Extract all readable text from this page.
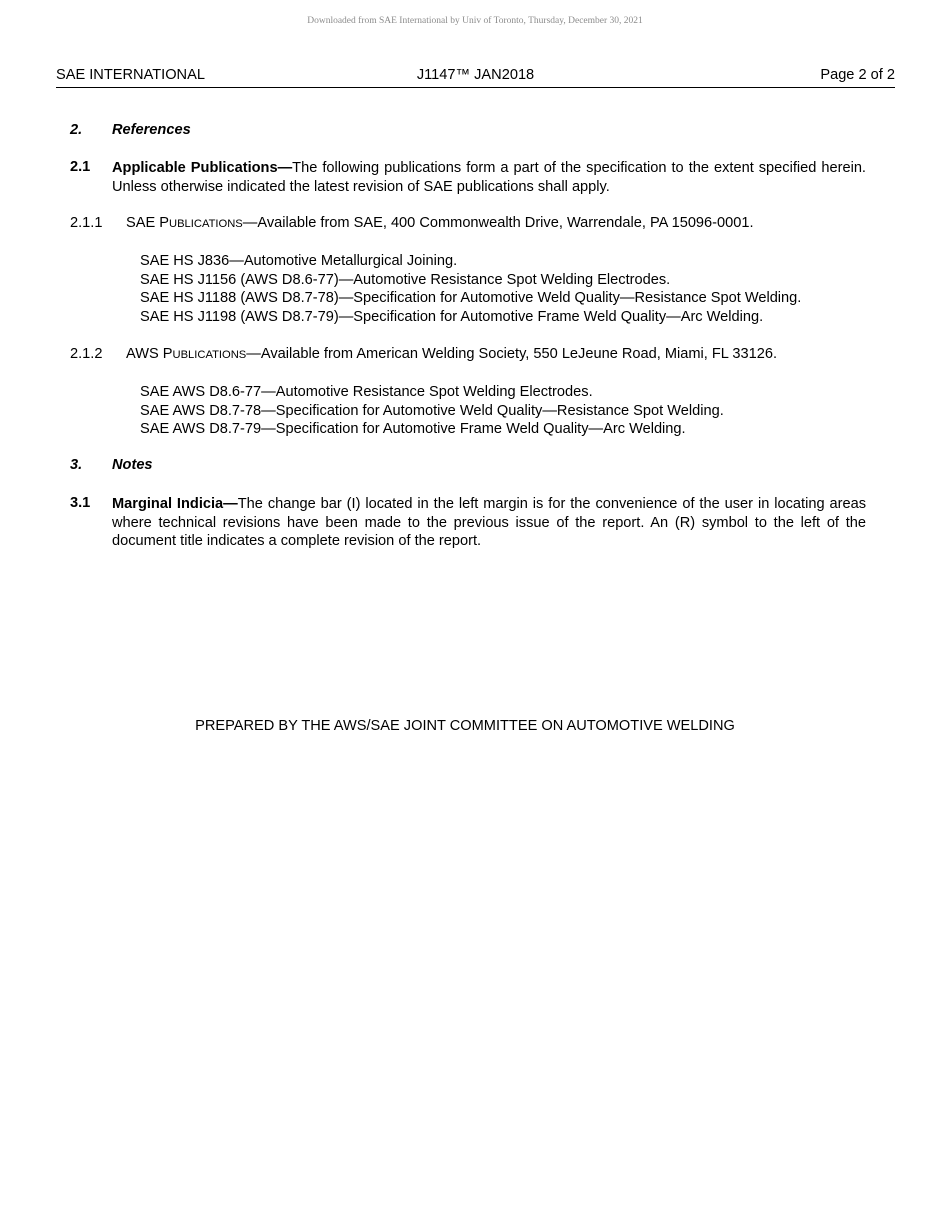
Downloaded from SAE International by Univ of Toronto, Thursday, December 30, 2021
SAE INTERNATIONAL	J1147™ JAN2018	Page 2 of 2
2. References
2.1 Applicable Publications—The following publications form a part of the specification to the extent specified herein. Unless otherwise indicated the latest revision of SAE publications shall apply.
2.1.1 SAE PUBLICATIONS—Available from SAE, 400 Commonwealth Drive, Warrendale, PA 15096-0001.
SAE HS J836—Automotive Metallurgical Joining.
SAE HS J1156 (AWS D8.6-77)—Automotive Resistance Spot Welding Electrodes.
SAE HS J1188 (AWS D8.7-78)—Specification for Automotive Weld Quality—Resistance Spot Welding.
SAE HS J1198 (AWS D8.7-79)—Specification for Automotive Frame Weld Quality—Arc Welding.
2.1.2 AWS PUBLICATIONS—Available from American Welding Society, 550 LeJeune Road, Miami, FL 33126.
SAE AWS D8.6-77—Automotive Resistance Spot Welding Electrodes.
SAE AWS D8.7-78—Specification for Automotive Weld Quality—Resistance Spot Welding.
SAE AWS D8.7-79—Specification for Automotive Frame Weld Quality—Arc Welding.
3. Notes
3.1 Marginal Indicia—The change bar (I) located in the left margin is for the convenience of the user in locating areas where technical revisions have been made to the previous issue of the report. An (R) symbol to the left of the document title indicates a complete revision of the report.
PREPARED BY THE AWS/SAE JOINT COMMITTEE ON AUTOMOTIVE WELDING
